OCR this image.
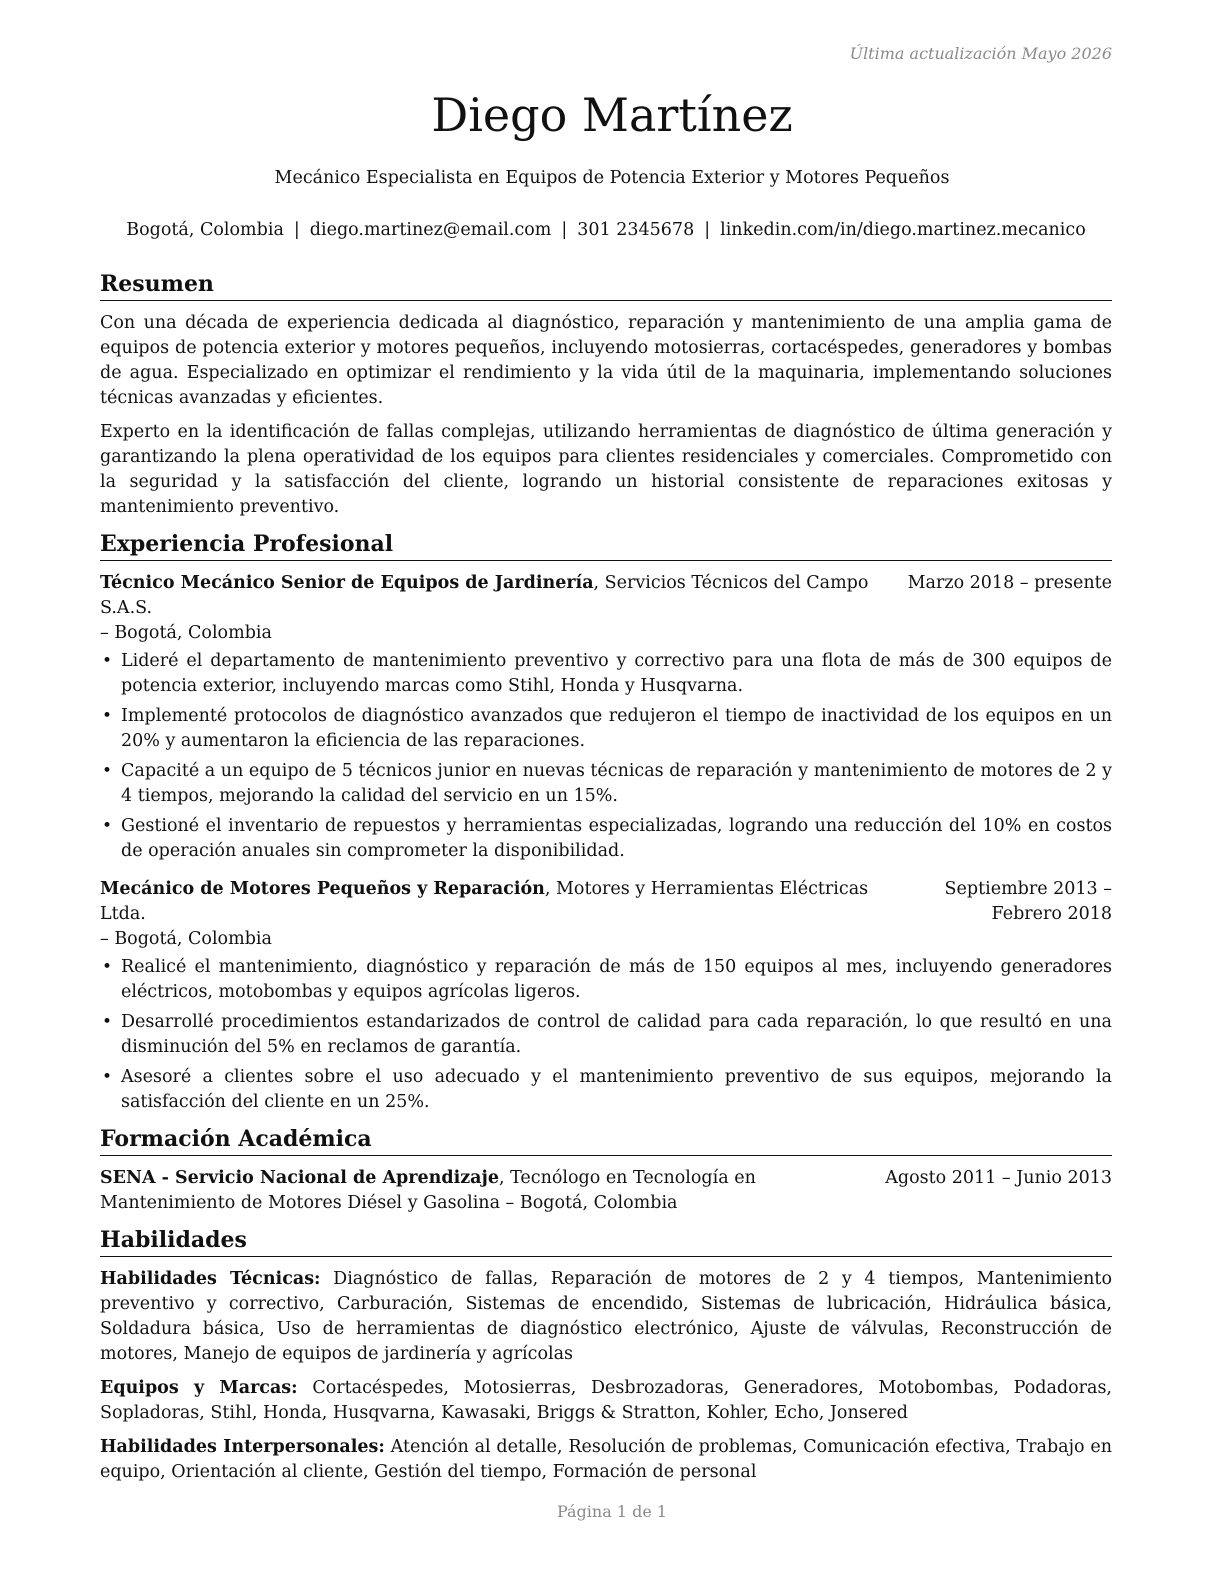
Última actualización Mayo 2026
Diego Martínez
Mecánico Especialista en Equipos de Potencia Exterior y Motores Pequeños
Bogotá, Colombia | diego.martinez@email.com | 301 2345678 | linkedin.com/in/diego.martinez.mecanico
Resumen

Con una década de experiencia dedicada al diagnóstico, reparación y mantenimiento de una amplia gama de equipos de potencia exterior y motores pequeños, incluyendo motosierras, cortacéspedes, generadores y bombas de agua. Especializado en optimizar el rendimiento y la vida útil de la maquinaria, implementando soluciones técnicas avanzadas y eficientes.

Experto en la identificación de fallas complejas, utilizando herramientas de diagnóstico de última generación y garantizando la plena operatividad de los equipos para clientes residenciales y comerciales. Comprometido con la seguridad y la satisfacción del cliente, logrando un historial consistente de reparaciones exitosas y mantenimiento preventivo.

Experiencia Profesional
Técnico Mecánico Senior de Equipos de Jardinería, Servicios Técnicos del Campo S.A.S.
Marzo 2018 – presente
– Bogotá, Colombia
• Lideré el departamento de mantenimiento preventivo y correctivo para una flota de más de 300 equipos de potencia exterior, incluyendo marcas como Stihl, Honda y Husqvarna.
• Implementé protocolos de diagnóstico avanzados que redujeron el tiempo de inactividad de los equipos en un 20% y aumentaron la eficiencia de las reparaciones.
• Capacité a un equipo de 5 técnicos junior en nuevas técnicas de reparación y mantenimiento de motores de 2 y 4 tiempos, mejorando la calidad del servicio en un 15%.
• Gestioné el inventario de repuestos y herramientas especializadas, logrando una reducción del 10% en costos de operación anuales sin comprometer la disponibilidad.
Mecánico de Motores Pequeños y Reparación, Motores y Herramientas Eléctricas Ltda.
– Bogotá, Colombia
Septiembre 2013 – Febrero 2018
• Realicé el mantenimiento, diagnóstico y reparación de más de 150 equipos al mes, incluyendo generadores eléctricos, motobombas y equipos agrícolas ligeros.
• Desarrollé procedimientos estandarizados de control de calidad para cada reparación, lo que resultó en una disminución del 5% en reclamos de garantía.
• Asesoré a clientes sobre el uso adecuado y el mantenimiento preventivo de sus equipos, mejorando la satisfacción del cliente en un 25%.
Formación Académica
SENA - Servicio Nacional de Aprendizaje, Tecnólogo en Tecnología en Mantenimiento de Motores Diésel y Gasolina – Bogotá, Colombia
Agosto 2011 – Junio 2013
Habilidades

Habilidades Técnicas: Diagnóstico de fallas, Reparación de motores de 2 y 4 tiempos, Mantenimiento preventivo y correctivo, Carburación, Sistemas de encendido, Sistemas de lubricación, Hidráulica básica, Soldadura básica, Uso de herramientas de diagnóstico electrónico, Ajuste de válvulas, Reconstrucción de motores, Manejo de equipos de jardinería y agrícolas

Equipos y Marcas: Cortacéspedes, Motosierras, Desbrozadoras, Generadores, Motobombas, Podadoras, Sopladoras, Stihl, Honda, Husqvarna, Kawasaki, Briggs & Stratton, Kohler, Echo, Jonsered

Habilidades Interpersonales: Atención al detalle, Resolución de problemas, Comunicación efectiva, Trabajo en equipo, Orientación al cliente, Gestión del tiempo, Formación de personal

Página 1 de 1
